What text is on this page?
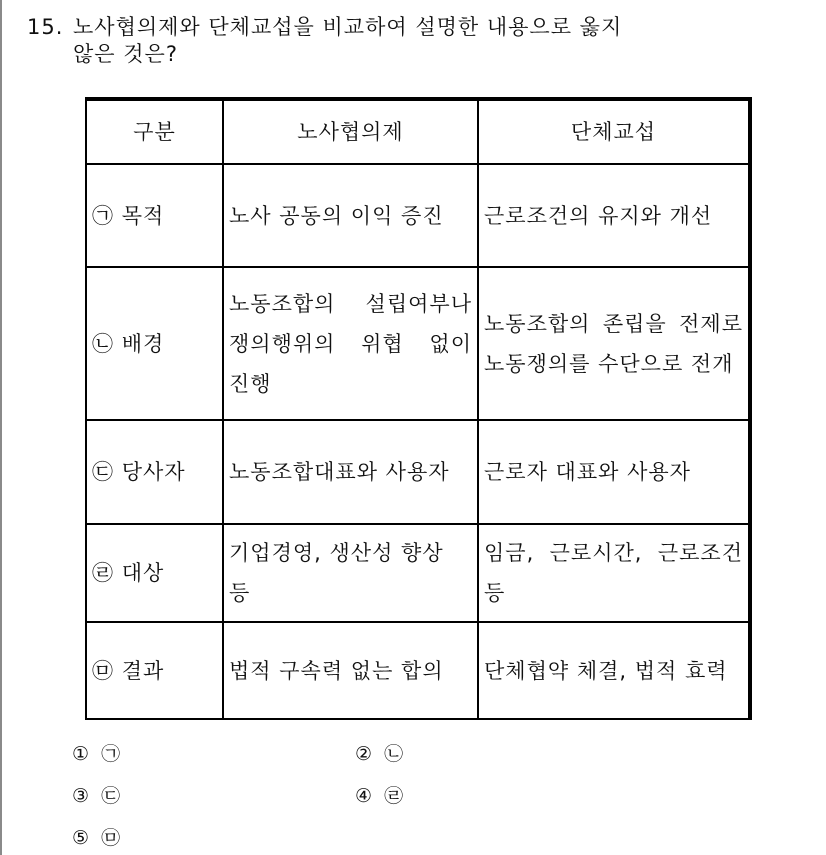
15. 노사협의제와 단체교섭을 비교하여 설명한 내용으로 옳지
않은 것은?
구분	노사협의제	단체교섭
㉠ 목적	노사 공동의 이익 증진	근로조건의 유지와 개선

㉡ 배경	노동조합의 설립여부나 쟁의행위의 위협 없이 진행	노동조합의 존립을 전제로 노동쟁의를 수단으로 전개

㉢ 당사자	노동조합대표와 사용자	근로자 대표와 사용자

㉣ 대상	기업경영, 생산성 향상 등	임금, 근로시간, 근로조건 등

㉤ 결과	법적 구속력 없는 합의	단체협약 체결, 법적 효력
① ㉠	② ㉡
③ ㉢	④ ㉣
⑤ ㉤
